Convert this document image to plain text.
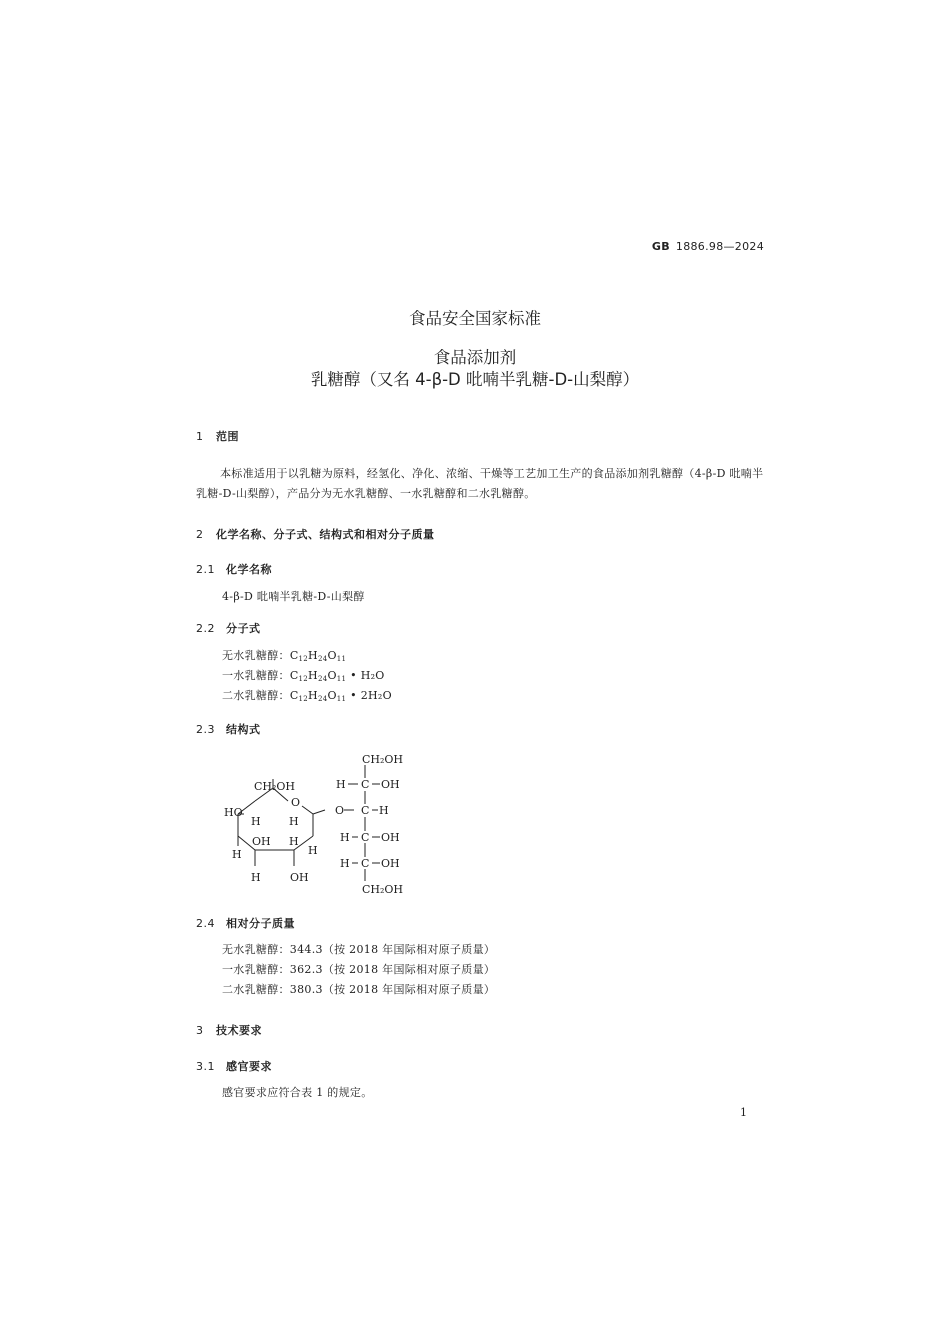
GB 1886.98—2024
食品安全国家标准
食品添加剂
乳糖醇（又名 4-β-D 吡喃半乳糖-D-山梨醇）
1 范围
本标准适用于以乳糖为原料，经氢化、净化、浓缩、干燥等工艺加工生产的食品添加剂乳糖醇（4-β-D 吡喃半乳糖-D-山梨醇），产品分为无水乳糖醇、一水乳糖醇和二水乳糖醇。
2 化学名称、分子式、结构式和相对分子质量
2.1 化学名称
4-β-D 吡喃半乳糖-D-山梨醇
2.2 分子式
无水乳糖醇：$C_{12}H_{24}O_{11}$
一水乳糖醇：$C_{12}H_{24}O_{11}$ • H₂O
二水乳糖醇：$C_{12}H_{24}O_{11}$ • 2H₂O
2.3 结构式
CH₂OH
O
HO
H
H
OH
H
H
H	OH
H
O
CH₂OH
H C OH
C H
H C OH
H C OH
CH₂OH
2.4 相对分子质量
无水乳糖醇：344.3（按 2018 年国际相对原子质量）
一水乳糖醇：362.3（按 2018 年国际相对原子质量）
二水乳糖醇：380.3（按 2018 年国际相对原子质量）
3 技术要求
3.1 感官要求
感官要求应符合表 1 的规定。
1
